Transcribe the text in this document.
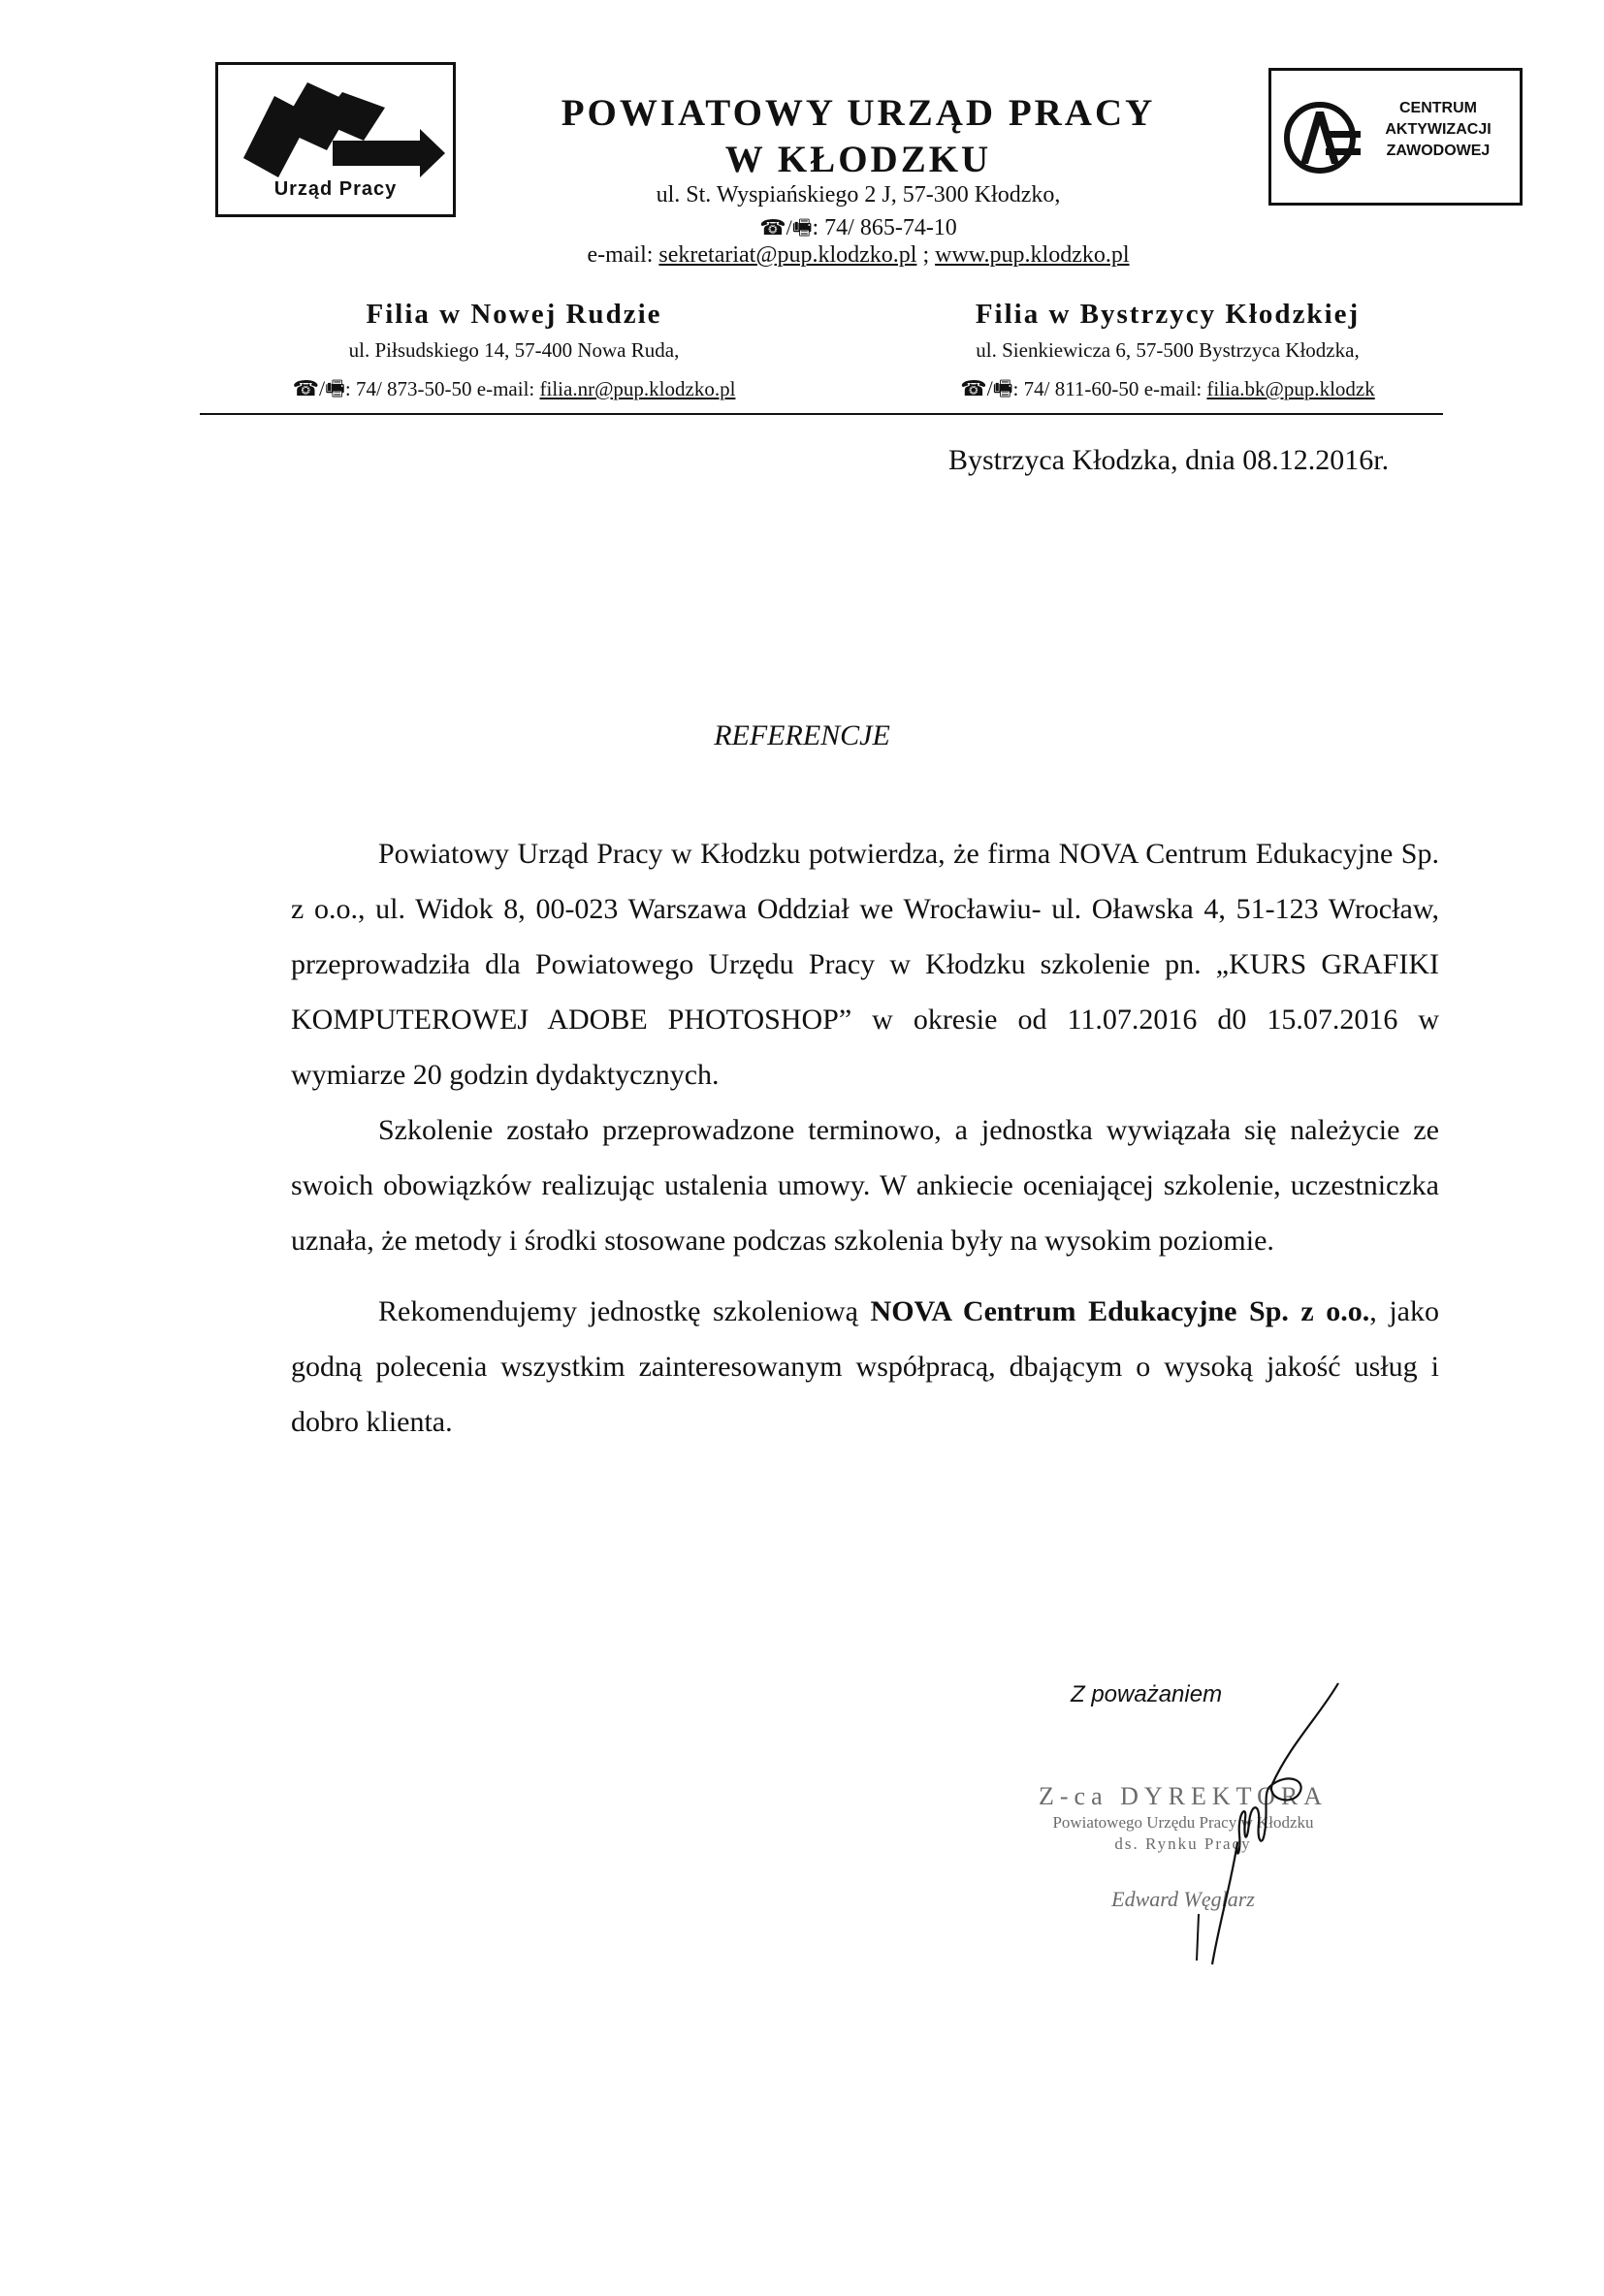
Urząd Pracy
CENTRUM
AKTYWIZACJI
ZAWODOWEJ
POWIATOWY URZĄD PRACY
W KŁODZKU
ul. St. Wyspiańskiego 2 J, 57-300 Kłodzko,
☎/🖷: 74/ 865-74-10
e-mail: sekretariat@pup.klodzko.pl ; www.pup.klodzko.pl
Filia w Nowej Rudzie
ul. Piłsudskiego 14, 57-400 Nowa Ruda,
☎/🖷: 74/ 873-50-50 e-mail: filia.nr@pup.klodzko.pl
Filia w Bystrzycy Kłodzkiej
ul. Sienkiewicza 6, 57-500 Bystrzyca Kłodzka,
☎/🖷: 74/ 811-60-50 e-mail: filia.bk@pup.klodzk
Bystrzyca Kłodzka, dnia 08.12.2016r.
REFERENCJE

Powiatowy Urząd Pracy w Kłodzku potwierdza, że firma NOVA Centrum Edukacyjne Sp. z o.o., ul. Widok 8, 00-023 Warszawa Oddział we Wrocławiu- ul. Oławska 4, 51-123 Wrocław, przeprowadziła dla Powiatowego Urzędu Pracy w Kłodzku szkolenie pn. „KURS GRAFIKI KOMPUTEROWEJ ADOBE PHOTOSHOP” w okresie od 11.07.2016 d0 15.07.2016 w wymiarze 20 godzin dydaktycznych.

Szkolenie zostało przeprowadzone terminowo, a jednostka wywiązała się należycie ze swoich obowiązków realizując ustalenia umowy. W ankiecie oceniającej szkolenie, uczestniczka uznała, że metody i środki stosowane podczas szkolenia były na wysokim poziomie.

Rekomendujemy jednostkę szkoleniową NOVA Centrum Edukacyjne Sp. z o.o., jako godną polecenia wszystkim zainteresowanym współpracą, dbającym o wysoką jakość usług i dobro klienta.

Z poważaniem
Z-ca DYREKTORA
Powiatowego Urzędu Pracy w Kłodzku
ds. Rynku Pracy
Edward Węglarz
